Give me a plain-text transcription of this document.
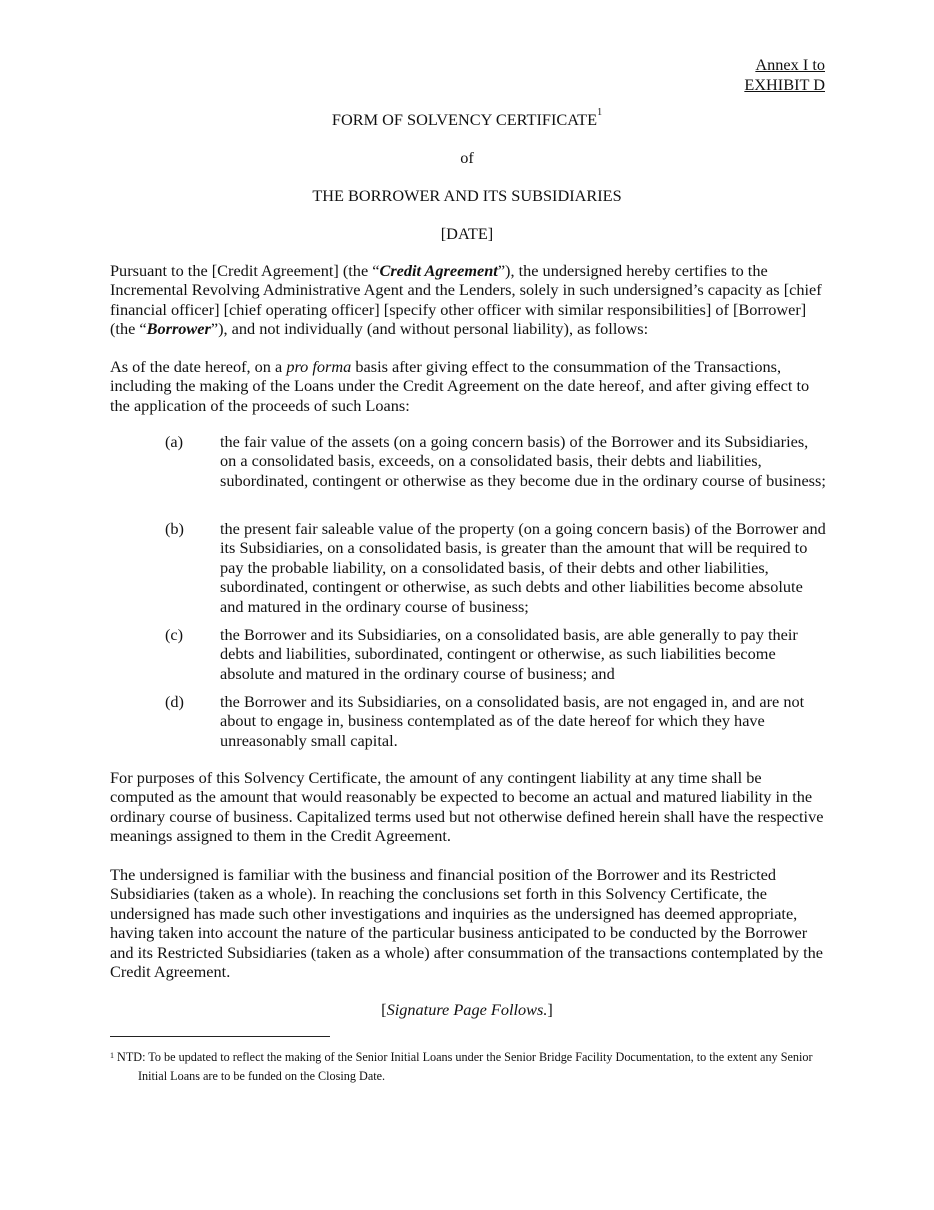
Annex I to
EXHIBIT D
FORM OF SOLVENCY CERTIFICATE$^1$
of
THE BORROWER AND ITS SUBSIDIARIES
[DATE]

Pursuant to the [Credit Agreement] (the “Credit Agreement”), the undersigned hereby certifies to the Incremental Revolving Administrative Agent and the Lenders, solely in such undersigned’s capacity as [chief financial officer] [chief operating officer] [specify other officer with similar responsibilities] of [Borrower] (the “Borrower”), and not individually (and without personal liability), as follows:

As of the date hereof, on a pro forma basis after giving effect to the consummation of the Transactions, including the making of the Loans under the Credit Agreement on the date hereof, and after giving effect to the application of the proceeds of such Loans:

(a)	the fair value of the assets (on a going concern basis) of the Borrower and its Subsidiaries, on a consolidated basis, exceeds, on a consolidated basis, their debts and liabilities, subordinated, contingent or otherwise as they become due in the ordinary course of business;
(b)	the present fair saleable value of the property (on a going concern basis) of the Borrower and its Subsidiaries, on a consolidated basis, is greater than the amount that will be required to pay the probable liability, on a consolidated basis, of their debts and other liabilities, subordinated, contingent or otherwise, as such debts and other liabilities become absolute and matured in the ordinary course of business;
(c)	the Borrower and its Subsidiaries, on a consolidated basis, are able generally to pay their debts and liabilities, subordinated, contingent or otherwise, as such liabilities become absolute and matured in the ordinary course of business; and
(d)	the Borrower and its Subsidiaries, on a consolidated basis, are not engaged in, and are not about to engage in, business contemplated as of the date hereof for which they have unreasonably small capital.

For purposes of this Solvency Certificate, the amount of any contingent liability at any time shall be computed as the amount that would reasonably be expected to become an actual and matured liability in the ordinary course of business. Capitalized terms used but not otherwise defined herein shall have the respective meanings assigned to them in the Credit Agreement.

The undersigned is familiar with the business and financial position of the Borrower and its Restricted Subsidiaries (taken as a whole). In reaching the conclusions set forth in this Solvency Certificate, the undersigned has made such other investigations and inquiries as the undersigned has deemed appropriate, having taken into account the nature of the particular business anticipated to be conducted by the Borrower and its Restricted Subsidiaries (taken as a whole) after consummation of the transactions contemplated by the Credit Agreement.

[Signature Page Follows.]
$^1$ NTD: To be updated to reflect the making of the Senior Initial Loans under the Senior Bridge Facility Documentation, to the extent any Senior
Initial Loans are to be funded on the Closing Date.
